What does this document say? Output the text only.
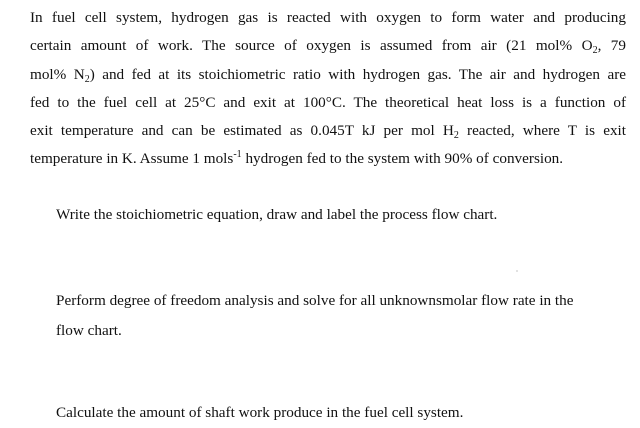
In fuel cell system, hydrogen gas is reacted with oxygen to form water and producing
certain amount of work. The source of oxygen is assumed from air (21 mol% $O_2$, 79
mol% $N_2$) and fed at its stoichiometric ratio with hydrogen gas. The air and hydrogen are
fed to the fuel cell at 25°C and exit at 100°C. The theoretical heat loss is a function of
exit temperature and can be estimated as 0.045T kJ per mol $H_2$ reacted, where T is exit
temperature in K. Assume 1 mols$^{-1}$ hydrogen fed to the system with 90% of conversion.
Write the stoichiometric equation, draw and label the process flow chart.
Perform degree of freedom analysis and solve for all unknownsmolar flow rate in the
flow chart.
Calculate the amount of shaft work produce in the fuel cell system.
